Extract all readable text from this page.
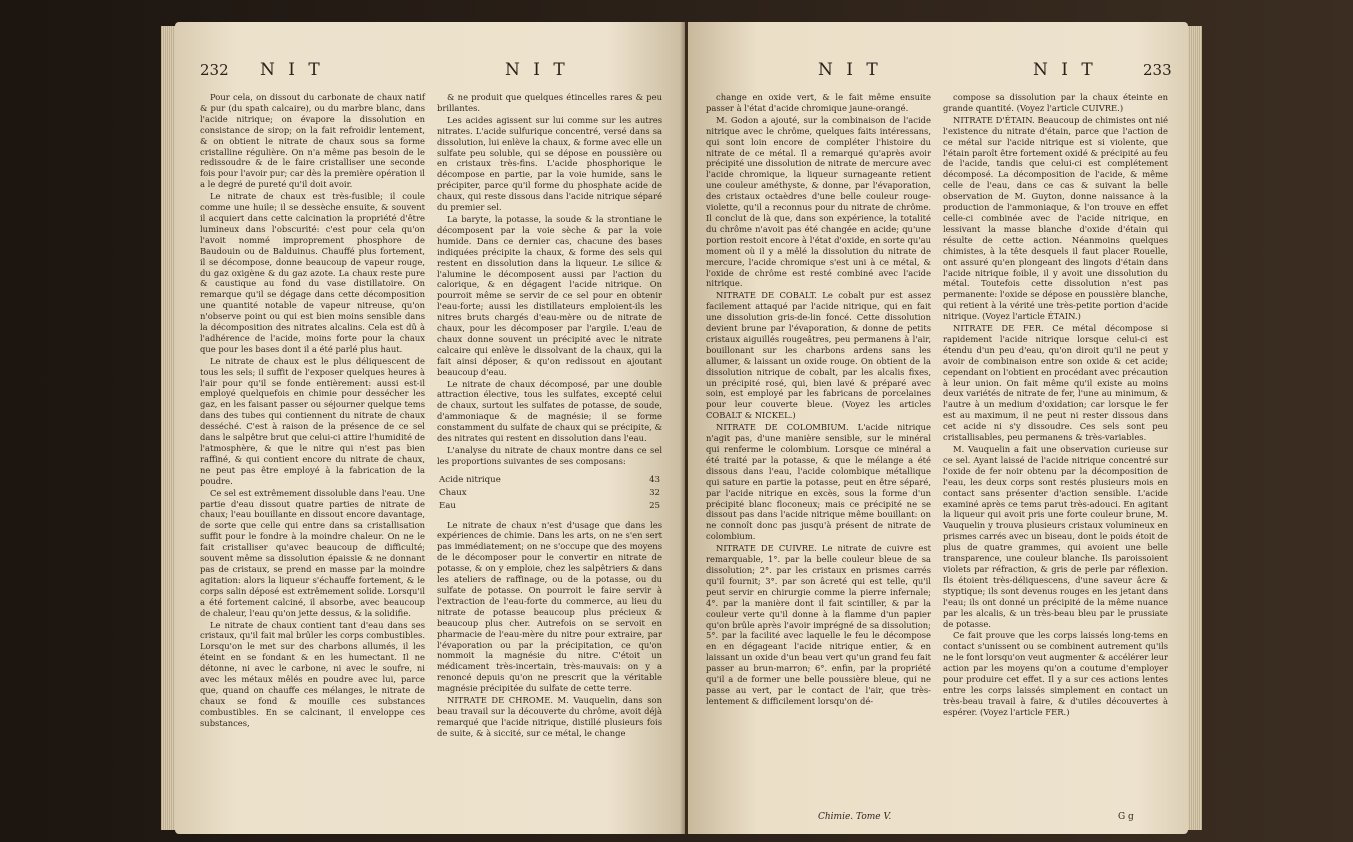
232 N I T	N I T

Pour cela, on dissout du carbonate de chaux natif & pur (du spath calcaire), ou du marbre blanc, dans l'acide nitrique; on évapore la dissolution en consistance de sirop; on la fait refroidir lentement, & on obtient le nitrate de chaux sous sa forme cristalline régulière. On n'a même pas besoin de le redissoudre & de le faire cristalliser une seconde fois pour l'avoir pur; car dès la première opération il a le degré de pureté qu'il doit avoir.

Le nitrate de chaux est très-fusible; il coule comme une huile; il se dessèche ensuite, & souvent il acquiert dans cette calcination la propriété d'être lumineux dans l'obscurité: c'est pour cela qu'on l'avoit nommé improprement phosphore de Baudouin ou de Balduinus. Chauffé plus fortement, il se décompose, donne beaucoup de vapeur rouge, du gaz oxigène & du gaz azote. La chaux reste pure & caustique au fond du vase distillatoire. On remarque qu'il se dégage dans cette décomposition une quantité notable de vapeur nitreuse, qu'on n'observe point ou qui est bien moins sensible dans la décomposition des nitrates alcalins. Cela est dû à l'adhérence de l'acide, moins forte pour la chaux que pour les bases dont il a été parlé plus haut.

Le nitrate de chaux est le plus déliquescent de tous les sels; il suffit de l'exposer quelques heures à l'air pour qu'il se fonde entièrement: aussi est-il employé quelquefois en chimie pour dessécher les gaz, en les faisant passer ou séjourner quelque tems dans des tubes qui contiennent du nitrate de chaux desséché. C'est à raison de la présence de ce sel dans le salpêtre brut que celui-ci attire l'humidité de l'atmosphère, & que le nitre qui n'est pas bien raffiné, & qui contient encore du nitrate de chaux, ne peut pas être employé à la fabrication de la poudre.

Ce sel est extrêmement dissoluble dans l'eau. Une partie d'eau dissout quatre parties de nitrate de chaux; l'eau bouillante en dissout encore davantage, de sorte que celle qui entre dans sa cristallisation suffit pour le fondre à la moindre chaleur. On ne le fait cristalliser qu'avec beaucoup de difficulté; souvent même sa dissolution épaissie & ne donnant pas de cristaux, se prend en masse par la moindre agitation: alors la liqueur s'échauffe fortement, & le corps salin déposé est extrêmement solide. Lorsqu'il a été fortement calciné, il absorbe, avec beaucoup de chaleur, l'eau qu'on jette dessus, & la solidifie.

Le nitrate de chaux contient tant d'eau dans ses cristaux, qu'il fait mal brûler les corps combustibles. Lorsqu'on le met sur des charbons allumés, il les éteint en se fondant & en les humectant. Il ne détonne, ni avec le carbone, ni avec le soufre, ni avec les métaux mêlés en poudre avec lui, parce que, quand on chauffe ces mélanges, le nitrate de chaux se fond & mouille ces substances combustibles. En se calcinant, il enveloppe ces substances,

& ne produit que quelques étincelles rares & peu brillantes.

Les acides agissent sur lui comme sur les autres nitrates. L'acide sulfurique concentré, versé dans sa dissolution, lui enlève la chaux, & forme avec elle un sulfate peu soluble, qui se dépose en poussière ou en cristaux très-fins. L'acide phosphorique le décompose en partie, par la voie humide, sans le précipiter, parce qu'il forme du phosphate acide de chaux, qui reste dissous dans l'acide nitrique séparé du premier sel.

La baryte, la potasse, la soude & la strontiane le décomposent par la voie sèche & par la voie humide. Dans ce dernier cas, chacune des bases indiquées précipite la chaux, & forme des sels qui restent en dissolution dans la liqueur. Le silice & l'alumine le décomposent aussi par l'action du calorique, & en dégagent l'acide nitrique. On pourroit même se servir de ce sel pour en obtenir l'eau-forte; aussi les distillateurs emploient-ils les nitres bruts chargés d'eau-mère ou de nitrate de chaux, pour les décomposer par l'argile. L'eau de chaux donne souvent un précipité avec le nitrate calcaire qui enlève le dissolvant de la chaux, qui la fait ainsi déposer, & qu'on redissout en ajoutant beaucoup d'eau.

Le nitrate de chaux décomposé, par une double attraction élective, tous les sulfates, excepté celui de chaux, surtout les sulfates de potasse, de soude, d'ammoniaque & de magnésie; il se forme constamment du sulfate de chaux qui se précipite, & des nitrates qui restent en dissolution dans l'eau.

L'analyse du nitrate de chaux montre dans ce sel les proportions suivantes de ses composans:

Acide nitrique	43
Chaux	32
Eau	25

Le nitrate de chaux n'est d'usage que dans les expériences de chimie. Dans les arts, on ne s'en sert pas immédiatement; on ne s'occupe que des moyens de le décomposer pour le convertir en nitrate de potasse, & on y emploie, chez les salpêtriers & dans les ateliers de raffinage, ou de la potasse, ou du sulfate de potasse. On pourroit le faire servir à l'extraction de l'eau-forte du commerce, au lieu du nitrate de potasse beaucoup plus précieux & beaucoup plus cher. Autrefois on se servoit en pharmacie de l'eau-mère du nitre pour extraire, par l'évaporation ou par la précipitation, ce qu'on nommoit la magnésie du nitre. C'étoit un médicament très-incertain, très-mauvais: on y a renoncé depuis qu'on ne prescrit que la véritable magnésie précipitée du sulfate de cette terre.

NITRATE DE CHROME. M. Vauquelin, dans son beau travail sur la découverte du chrôme, avoit déjà remarqué que l'acide nitrique, distillé plusieurs fois de suite, & à siccité, sur ce métal, le change

N I T	N I T	233

change en oxide vert, & le fait même ensuite passer à l'état d'acide chromique jaune-orangé.

M. Godon a ajouté, sur la combinaison de l'acide nitrique avec le chrôme, quelques faits intéressans, qui sont loin encore de compléter l'histoire du nitrate de ce métal. Il a remarqué qu'après avoir précipité une dissolution de nitrate de mercure avec l'acide chromique, la liqueur surnageante retient une couleur améthyste, & donne, par l'évaporation, des cristaux octaèdres d'une belle couleur rouge-violette, qu'il a reconnus pour du nitrate de chrôme. Il conclut de là que, dans son expérience, la totalité du chrôme n'avoit pas été changée en acide; qu'une portion restoit encore à l'état d'oxide, en sorte qu'au moment où il y a mêlé la dissolution du nitrate de mercure, l'acide chromique s'est uni à ce métal, & l'oxide de chrôme est resté combiné avec l'acide nitrique.

NITRATE DE COBALT. Le cobalt pur est assez facilement attaqué par l'acide nitrique, qui en fait une dissolution gris-de-lin foncé. Cette dissolution devient brune par l'évaporation, & donne de petits cristaux aiguillés rougeâtres, peu permanens à l'air, bouillonant sur les charbons ardens sans les allumer, & laissant un oxide rouge. On obtient de la dissolution nitrique de cobalt, par les alcalis fixes, un précipité rosé, qui, bien lavé & préparé avec soin, est employé par les fabricans de porcelaines pour leur couverte bleue. (Voyez les articles COBALT & NICKEL.)

NITRATE DE COLOMBIUM. L'acide nitrique n'agit pas, d'une manière sensible, sur le minéral qui renferme le colombium. Lorsque ce minéral a été traité par la potasse, & que le mélange a été dissous dans l'eau, l'acide colombique métallique qui sature en partie la potasse, peut en être séparé, par l'acide nitrique en excès, sous la forme d'un précipité blanc floconeux; mais ce précipité ne se dissout pas dans l'acide nitrique même bouillant: on ne connoît donc pas jusqu'à présent de nitrate de colombium.

NITRATE DE CUIVRE. Le nitrate de cuivre est remarquable, 1°. par la belle couleur bleue de sa dissolution; 2°. par les cristaux en prismes carrés qu'il fournit; 3°. par son âcreté qui est telle, qu'il peut servir en chirurgie comme la pierre infernale; 4°. par la manière dont il fait scintiller, & par la couleur verte qu'il donne à la flamme d'un papier qu'on brûle après l'avoir imprégné de sa dissolution; 5°. par la facilité avec laquelle le feu le décompose en en dégageant l'acide nitrique entier, & en laissant un oxide d'un beau vert qu'un grand feu fait passer au brun-marron; 6°. enfin, par la propriété qu'il a de former une belle poussière bleue, qui ne passe au vert, par le contact de l'air, que très-lentement & difficilement lorsqu'on dé-

compose sa dissolution par la chaux éteinte en grande quantité. (Voyez l'article CUIVRE.)

NITRATE D'ÉTAIN. Beaucoup de chimistes ont nié l'existence du nitrate d'étain, parce que l'action de ce métal sur l'acide nitrique est si violente, que l'étain paroît être fortement oxidé & précipité au feu de l'acide, tandis que celui-ci est complétement décomposé. La décomposition de l'acide, & même celle de l'eau, dans ce cas & suivant la belle observation de M. Guyton, donne naissance à la production de l'ammoniaque, & l'on trouve en effet celle-ci combinée avec de l'acide nitrique, en lessivant la masse blanche d'oxide d'étain qui résulte de cette action. Néanmoins quelques chimistes, à la tête desquels il faut placer Rouelle, ont assuré qu'en plongeant des lingots d'étain dans l'acide nitrique foible, il y avoit une dissolution du métal. Toutefois cette dissolution n'est pas permanente: l'oxide se dépose en poussière blanche, qui retient à la vérité une très-petite portion d'acide nitrique. (Voyez l'article ÉTAIN.)

NITRATE DE FER. Ce métal décompose si rapidement l'acide nitrique lorsque celui-ci est étendu d'un peu d'eau, qu'on diroit qu'il ne peut y avoir de combinaison entre son oxide & cet acide; cependant on l'obtient en procédant avec précaution à leur union. On fait même qu'il existe au moins deux variétés de nitrate de fer, l'une au minimum, & l'autre à un medium d'oxidation; car lorsque le fer est au maximum, il ne peut ni rester dissous dans cet acide ni s'y dissoudre. Ces sels sont peu cristallisables, peu permanens & très-variables.

M. Vauquelin a fait une observation curieuse sur ce sel. Ayant laissé de l'acide nitrique concentré sur l'oxide de fer noir obtenu par la décomposition de l'eau, les deux corps sont restés plusieurs mois en contact sans présenter d'action sensible. L'acide examiné après ce tems parut très-adouci. En agitant la liqueur qui avoit pris une forte couleur brune, M. Vauquelin y trouva plusieurs cristaux volumineux en prismes carrés avec un biseau, dont le poids étoit de plus de quatre grammes, qui avoient une belle transparence, une couleur blanche. Ils paroissoient violets par réfraction, & gris de perle par réflexion. Ils étoient très-déliquescens, d'une saveur âcre & styptique; ils sont devenus rouges en les jetant dans l'eau; ils ont donné un précipité de la même nuance par les alcalis, & un très-beau bleu par le prussiate de potasse.

Ce fait prouve que les corps laissés long-tems en contact s'unissent ou se combinent autrement qu'ils ne le font lorsqu'on veut augmenter & accélérer leur action par les moyens qu'on a coutume d'employer pour produire cet effet. Il y a sur ces actions lentes entre les corps laissés simplement en contact un très-beau travail à faire, & d'utiles découvertes à espérer. (Voyez l'article FER.)

Chimie. Tome V.	G g
